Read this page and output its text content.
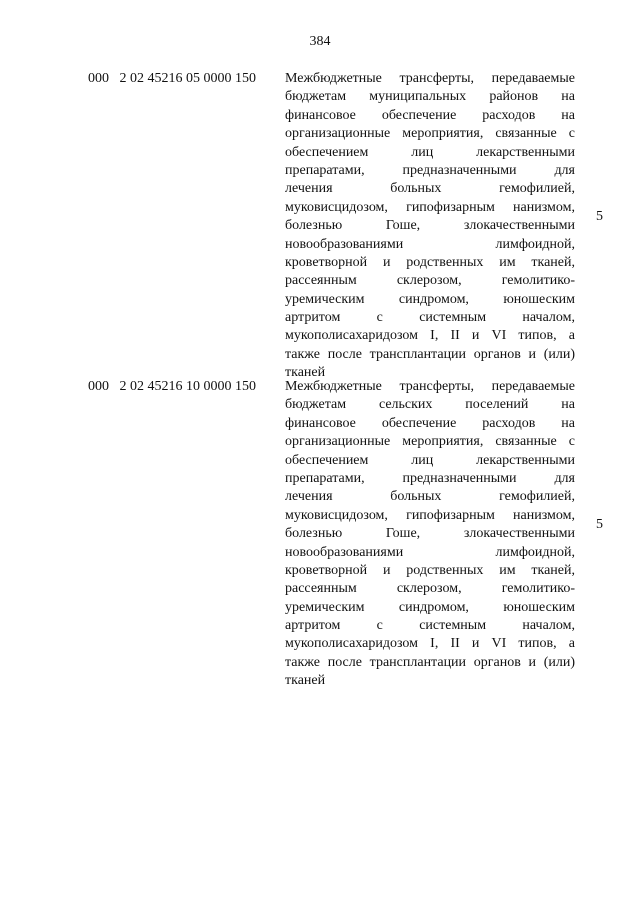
384
000   2 02 45216 05 0000 150 Межбюджетные трансферты, передаваемые
бюджетам муниципальных районов на
финансовое обеспечение расходов на
организационные мероприятия, связанные с
обеспечением лиц лекарственными
препаратами, предназначенными для
лечения больных гемофилией,
муковисцидозом, гипофизарным нанизмом,
болезнью Гоше, злокачественными
новообразованиями лимфоидной,
кроветворной и родственных им тканей,
рассеянным склерозом, гемолитико-
уремическим синдромом, юношеским
артритом с системным началом,
мукополисахаридозом I, II и VI типов, а
также после трансплантации органов и (или)
тканей
5
000   2 02 45216 10 0000 150 Межбюджетные трансферты, передаваемые
бюджетам сельских поселений на
финансовое обеспечение расходов на
организационные мероприятия, связанные с
обеспечением лиц лекарственными
препаратами, предназначенными для
лечения больных гемофилией,
муковисцидозом, гипофизарным нанизмом,
болезнью Гоше, злокачественными
новообразованиями лимфоидной,
кроветворной и родственных им тканей,
рассеянным склерозом, гемолитико-
уремическим синдромом, юношеским
артритом с системным началом,
мукополисахаридозом I, II и VI типов, а
также после трансплантации органов и (или)
тканей
5
